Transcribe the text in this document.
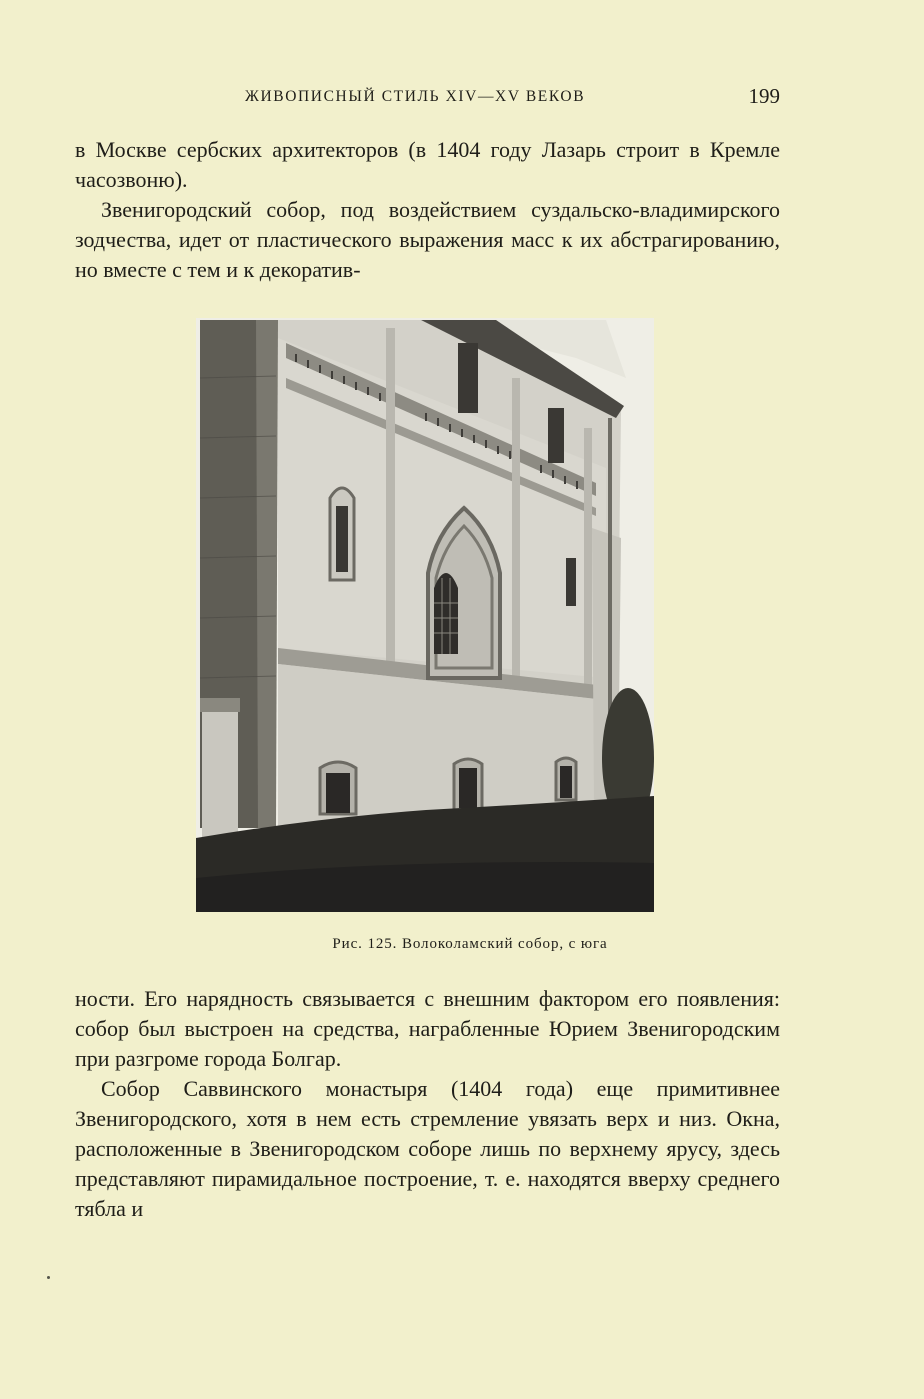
ЖИВОПИСНЫЙ СТИЛЬ XIV—XV ВЕКОВ	199

в Москве сербских архитекторов (в 1404 году Лазарь строит в Кремле часозвоню).

Звенигородский собор, под воздействием суздальско-владимирского зодчества, идет от пластического выражения масс к их абстрагированию, но вместе с тем и к декоратив-

Рис. 125. Волоколамский собор, с юга

ности. Его нарядность связывается с внешним фактором его появления: собор был выстроен на средства, награбленные Юрием Звенигородским при разгроме города Болгар.

Собор Саввинского монастыря (1404 года) еще примитивнее Звенигородского, хотя в нем есть стремление увязать верх и низ. Окна, расположенные в Звенигородском соборе лишь по верхнему ярусу, здесь представляют пирамидальное построение, т. е. находятся вверху среднего тябла и
